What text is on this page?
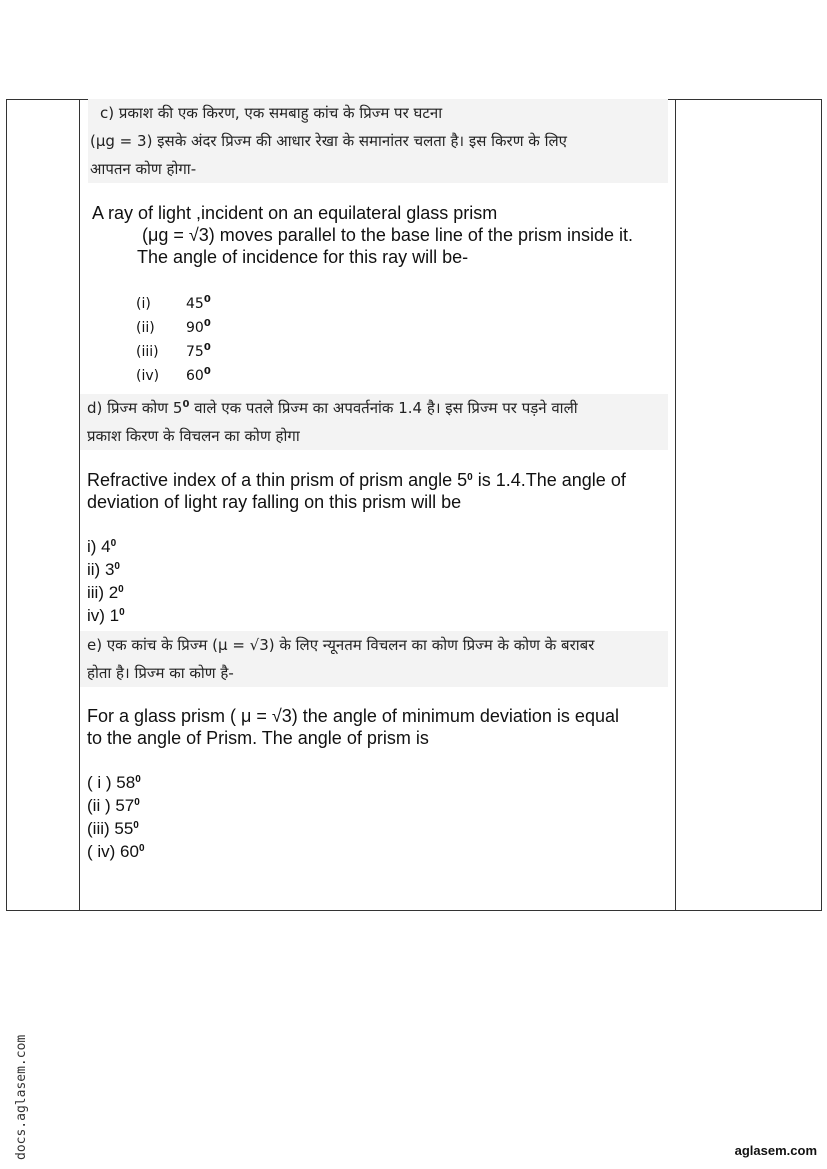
c) प्रकाश की एक किरण, एक समबाहु कांच के प्रिज्म पर घटना
(μg = 3) इसके अंदर प्रिज्म की आधार रेखा के समानांतर चलता है। इस किरण के लिए
आपतन कोण होगा-
A ray of light ,incident on an equilateral glass prism
(μg = √3) moves parallel to the base line of the prism inside it.
The angle of incidence for this ray will be-
(i)	$45^0$
(ii) $90^0$
(iii) $75^0$
(iv) $60^0$
d) प्रिज्म कोण $5^0$ वाले एक पतले प्रिज्म का अपवर्तनांक 1.4 है। इस प्रिज्म पर पड़ने वाली
प्रकाश किरण के विचलन का कोण होगा
Refractive index of a thin prism of prism angle $5^0$ is 1.4.The angle of
deviation of light ray falling on this prism will be
i) $4^0$
ii) $3^0$
iii) $2^0$
iv) $1^0$
e) एक कांच के प्रिज्म (μ = √3) के लिए न्यूनतम विचलन का कोण प्रिज्म के कोण के बराबर
होता है। प्रिज्म का कोण है-
For a glass prism ( μ = √3) the angle of minimum deviation is equal
to the angle of Prism. The angle of prism is
( i ) $58^0$
(ii ) $57^0$
(iii) $55^0$
( iv) $60^0$
docs.aglasem.com	aglasem.com
